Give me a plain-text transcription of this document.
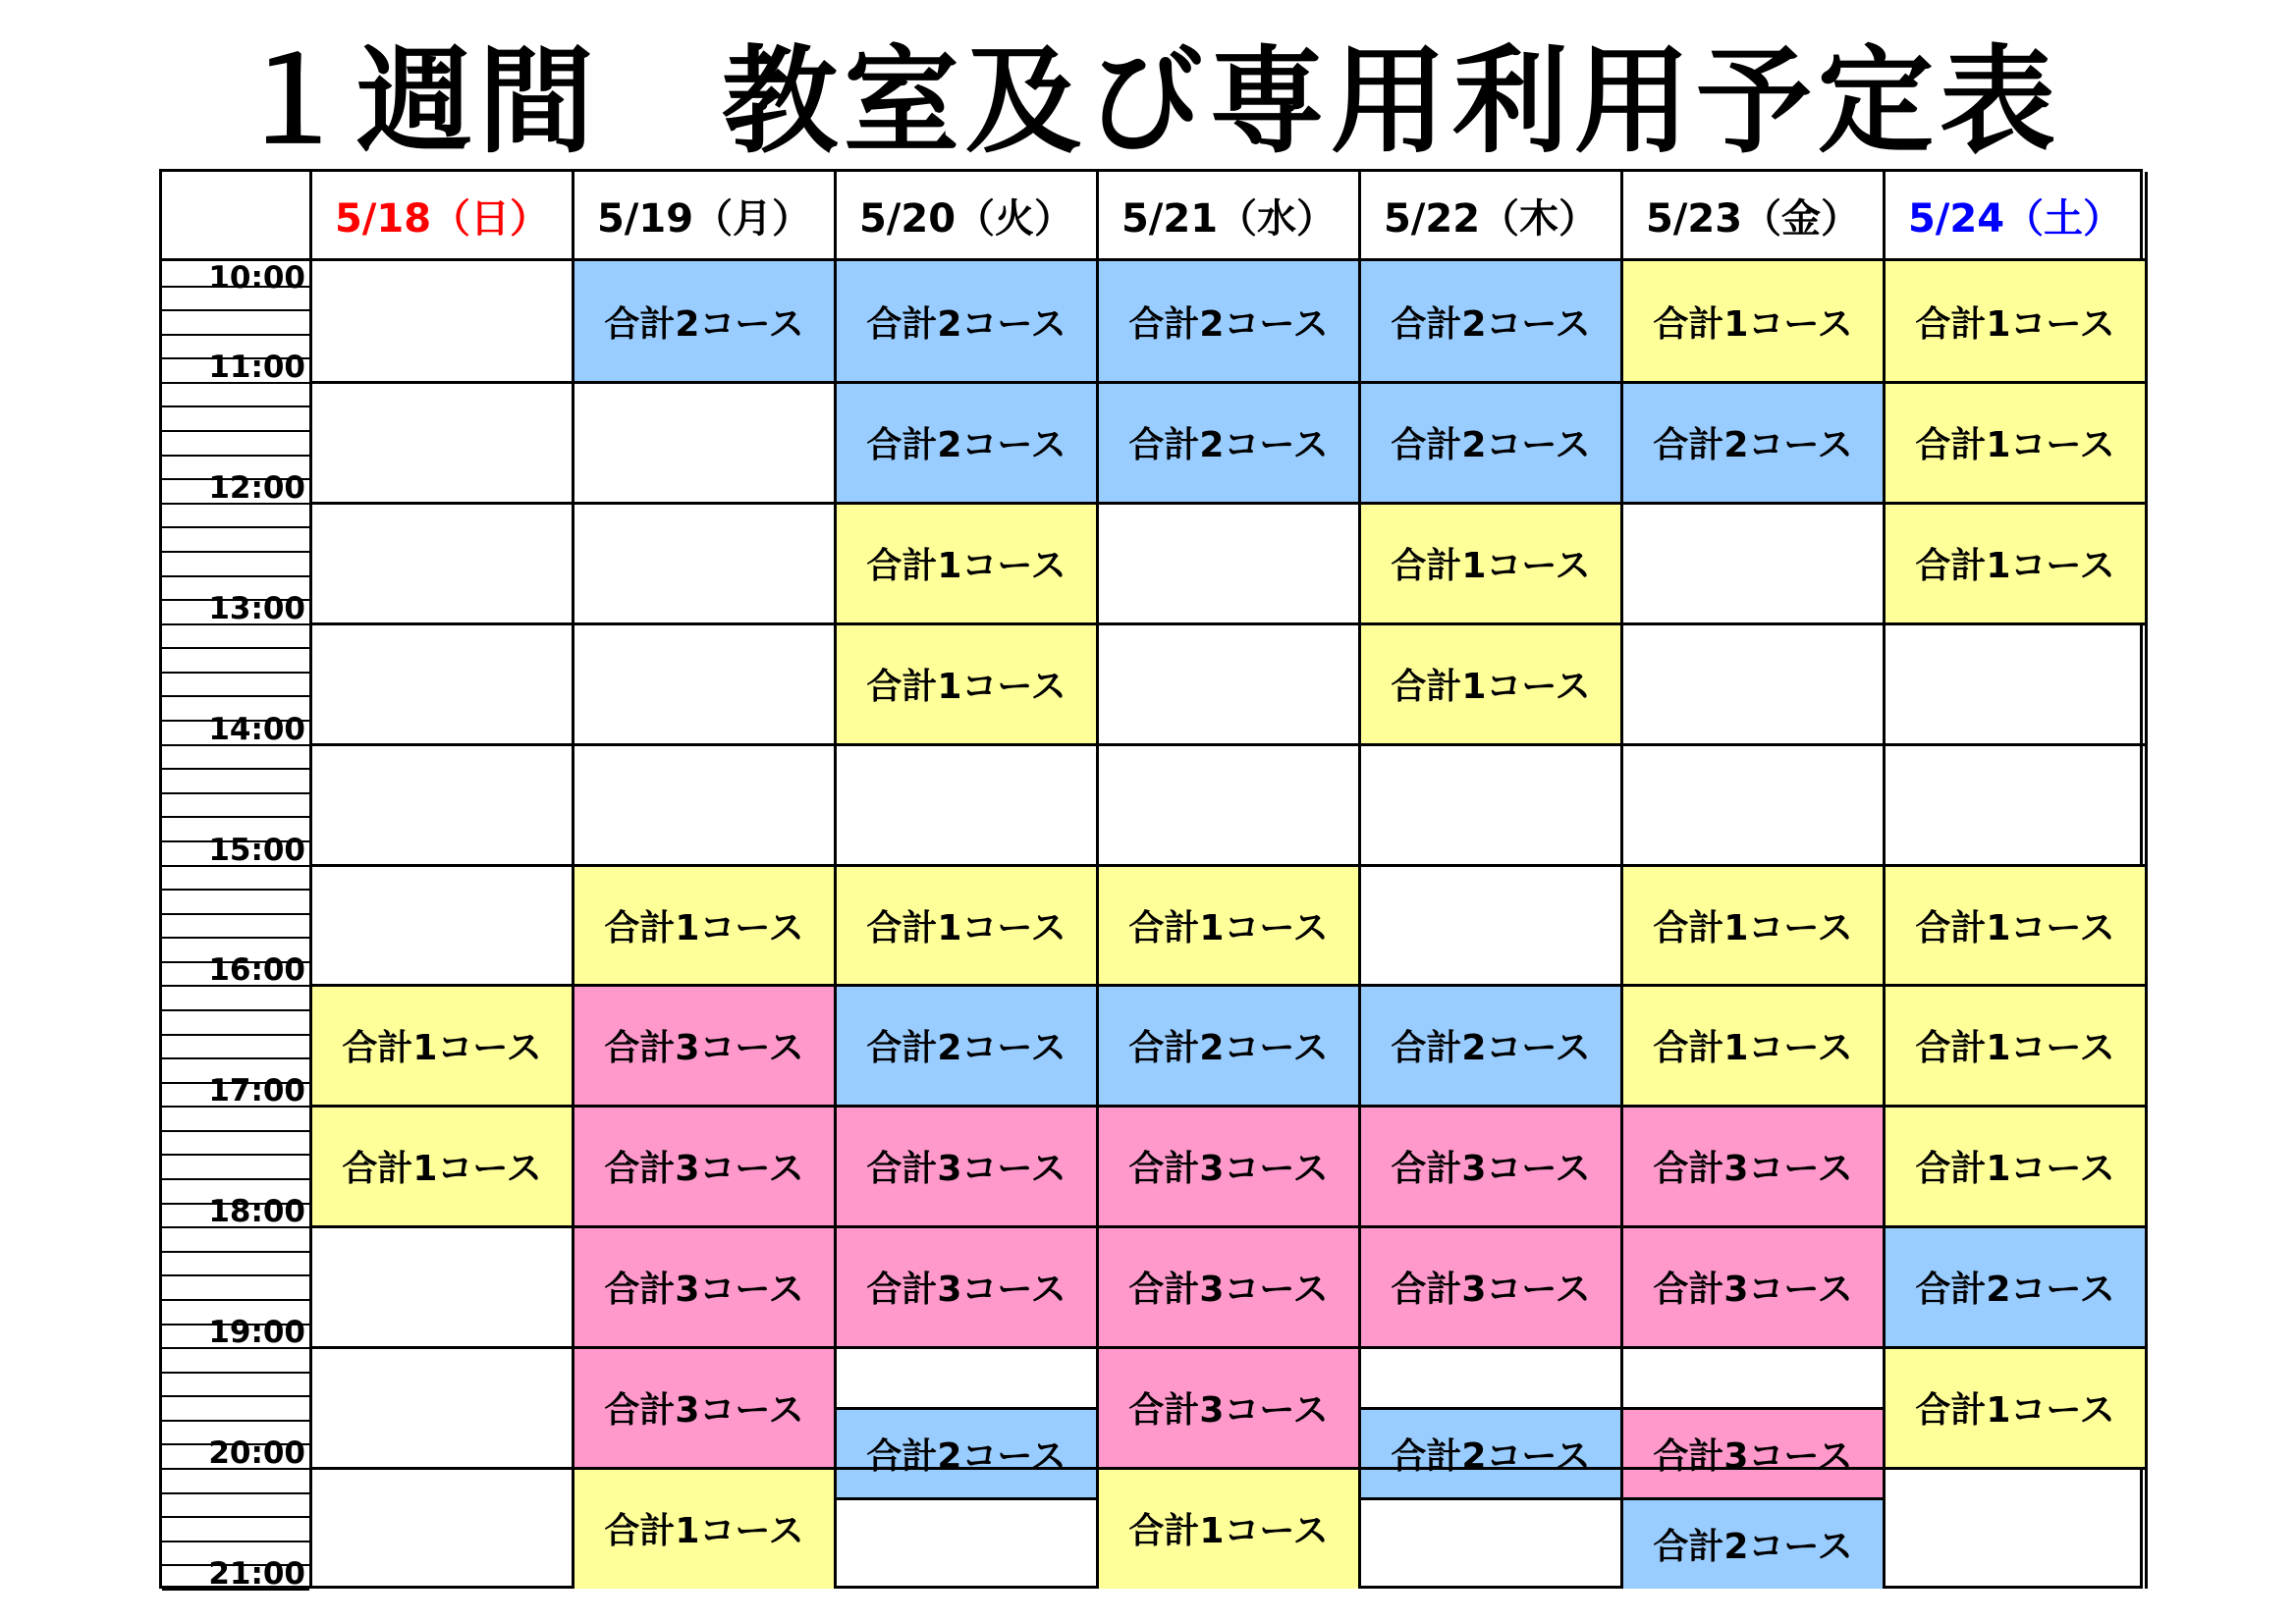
１週間　教室及び専用利用予定表
10:00
11:00
12:00
13:00
14:00
15:00
16:00
17:00
18:00
19:00
20:00
21:00
5/18（日）
合計1コース
合計1コース
5/19（月）
合計2コース
合計1コース
合計3コース
合計3コース
合計3コース
合計3コース
合計1コース
5/20（火）
合計2コース
合計2コース
合計1コース
合計1コース
合計1コース
合計2コース
合計3コース
合計3コース
合計2コース
5/21（水）
合計2コース
合計2コース
合計1コース
合計2コース
合計3コース
合計3コース
合計3コース
合計1コース
5/22（木）
合計2コース
合計2コース
合計1コース
合計1コース
合計2コース
合計3コース
合計3コース
合計2コース
5/23（金）
合計1コース
合計2コース
合計1コース
合計1コース
合計3コース
合計3コース
合計3コース
合計2コース
5/24（土）
合計1コース
合計1コース
合計1コース
合計1コース
合計1コース
合計1コース
合計2コース
合計1コース
